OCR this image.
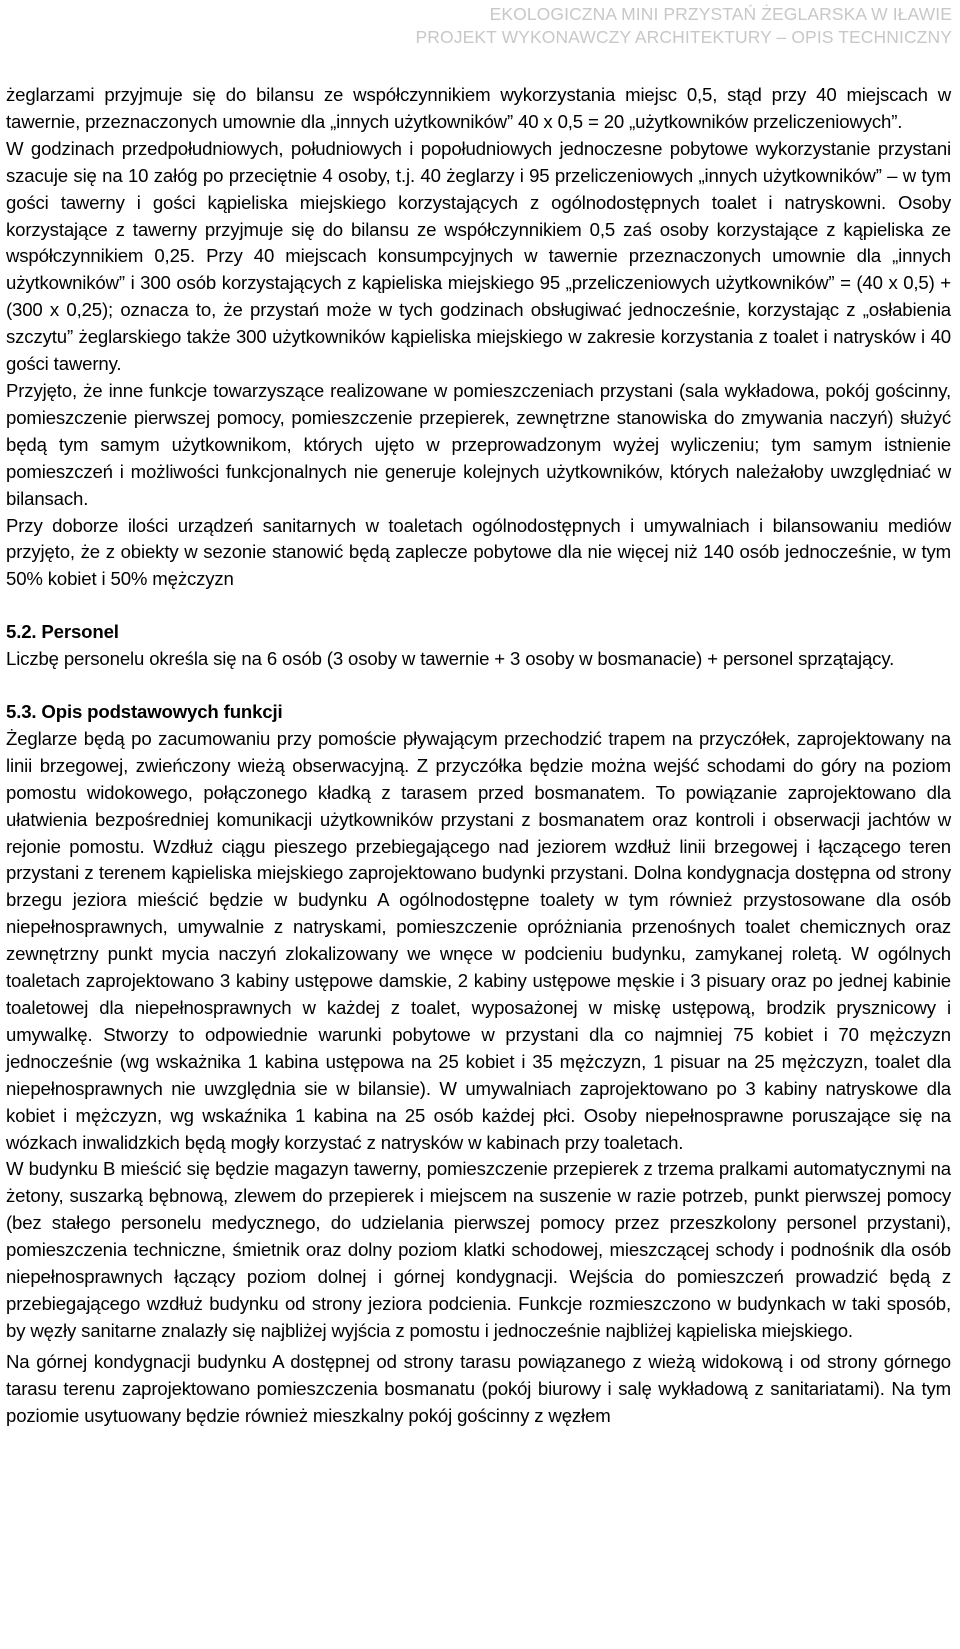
EKOLOGICZNA MINI PRZYSTAŃ ŻEGLARSKA W IŁAWIE
PROJEKT WYKONAWCZY ARCHITEKTURY – OPIS TECHNICZNY

żeglarzami przyjmuje się do bilansu ze współczynnikiem wykorzystania miejsc 0,5, stąd przy 40 miejscach w tawernie, przeznaczonych umownie dla „innych użytkowników” 40 x 0,5 = 20 „użytkowników przeliczeniowych”.

W godzinach przedpołudniowych, południowych i popołudniowych jednoczesne pobytowe wykorzystanie przystani szacuje się na 10 załóg po przeciętnie 4 osoby, t.j. 40 żeglarzy i 95 przeliczeniowych „innych użytkowników” – w tym gości tawerny i gości kąpieliska miejskiego korzystających z ogólnodostępnych toalet i natryskowni. Osoby korzystające z tawerny przyjmuje się do bilansu ze współczynnikiem 0,5 zaś osoby korzystające z kąpieliska ze współczynnikiem 0,25. Przy 40 miejscach konsumpcyjnych w tawernie przeznaczonych umownie dla „innych użytkowników” i 300 osób korzystających z kąpieliska miejskiego 95 „przeliczeniowych użytkowników” = (40 x 0,5) + (300 x 0,25); oznacza to, że przystań może w tych godzinach obsługiwać jednocześnie, korzystając z „osłabienia szczytu” żeglarskiego także 300 użytkowników kąpieliska miejskiego w zakresie korzystania z toalet i natrysków i 40 gości tawerny.

Przyjęto, że inne funkcje towarzyszące realizowane w pomieszczeniach przystani (sala wykładowa, pokój gościnny, pomieszczenie pierwszej pomocy, pomieszczenie przepierek, zewnętrzne stanowiska do zmywania naczyń) służyć będą tym samym użytkownikom, których ujęto w przeprowadzonym wyżej wyliczeniu; tym samym istnienie pomieszczeń i możliwości funkcjonalnych nie generuje kolejnych użytkowników, których należałoby uwzględniać w bilansach.

Przy doborze ilości urządzeń sanitarnych w toaletach ogólnodostępnych i umywalniach i bilansowaniu mediów przyjęto, że z obiekty w sezonie stanowić będą zaplecze pobytowe dla nie więcej niż 140 osób jednocześnie, w tym 50% kobiet i 50% mężczyzn

5.2. Personel

Liczbę personelu określa się na 6 osób (3 osoby w tawernie + 3 osoby w bosmanacie) + personel sprzątający.

5.3. Opis podstawowych funkcji

Żeglarze będą po zacumowaniu przy pomoście pływającym przechodzić trapem na przyczółek, zaprojektowany na linii brzegowej, zwieńczony wieżą obserwacyjną. Z przyczółka będzie można wejść schodami do góry na poziom pomostu widokowego, połączonego kładką z tarasem przed bosmanatem. To powiązanie zaprojektowano dla ułatwienia bezpośredniej komunikacji użytkowników przystani z bosmanatem oraz kontroli i obserwacji jachtów w rejonie pomostu. Wzdłuż ciągu pieszego przebiegającego nad jeziorem wzdłuż linii brzegowej i łączącego teren przystani z terenem kąpieliska miejskiego zaprojektowano budynki przystani. Dolna kondygnacja dostępna od strony brzegu jeziora mieścić będzie w budynku A ogólnodostępne toalety w tym również przystosowane dla osób niepełnosprawnych, umywalnie z natryskami, pomieszczenie opróżniania przenośnych toalet chemicznych oraz zewnętrzny punkt mycia naczyń zlokalizowany we wnęce w podcieniu budynku, zamykanej roletą. W ogólnych toaletach zaprojektowano 3 kabiny ustępowe damskie, 2 kabiny ustępowe męskie i 3 pisuary oraz po jednej kabinie toaletowej dla niepełnosprawnych w każdej z toalet, wyposażonej w miskę ustępową, brodzik prysznicowy i umywalkę. Stworzy to odpowiednie warunki pobytowe w przystani dla co najmniej 75 kobiet i 70 mężczyzn jednocześnie (wg wskażnika 1 kabina ustępowa na 25 kobiet i 35 mężczyzn, 1 pisuar na 25 mężczyzn, toalet dla niepełnosprawnych nie uwzględnia sie w bilansie). W umywalniach zaprojektowano po 3 kabiny natryskowe dla kobiet i mężczyzn, wg wskaźnika 1 kabina na 25 osób każdej płci. Osoby niepełnosprawne poruszające się na wózkach inwalidzkich będą mogły korzystać z natrysków w kabinach przy toaletach.

W budynku B mieścić się będzie magazyn tawerny, pomieszczenie przepierek z trzema pralkami automatycznymi na żetony, suszarką bębnową, zlewem do przepierek i miejscem na suszenie w razie potrzeb, punkt pierwszej pomocy (bez stałego personelu medycznego, do udzielania pierwszej pomocy przez przeszkolony personel przystani), pomieszczenia techniczne, śmietnik oraz dolny poziom klatki schodowej, mieszczącej schody i podnośnik dla osób niepełnosprawnych łączący poziom dolnej i górnej kondygnacji. Wejścia do pomieszczeń prowadzić będą z przebiegającego wzdłuż budynku od strony jeziora podcienia. Funkcje rozmieszczono w budynkach w taki sposób, by węzły sanitarne znalazły się najbliżej wyjścia z pomostu i jednocześnie najbliżej kąpieliska miejskiego.

Na górnej kondygnacji budynku A dostępnej od strony tarasu powiązanego z wieżą widokową i od strony górnego tarasu terenu zaprojektowano pomieszczenia bosmanatu (pokój biurowy i salę wykładową z sanitariatami). Na tym poziomie usytuowany będzie również mieszkalny pokój gościnny z węzłem
